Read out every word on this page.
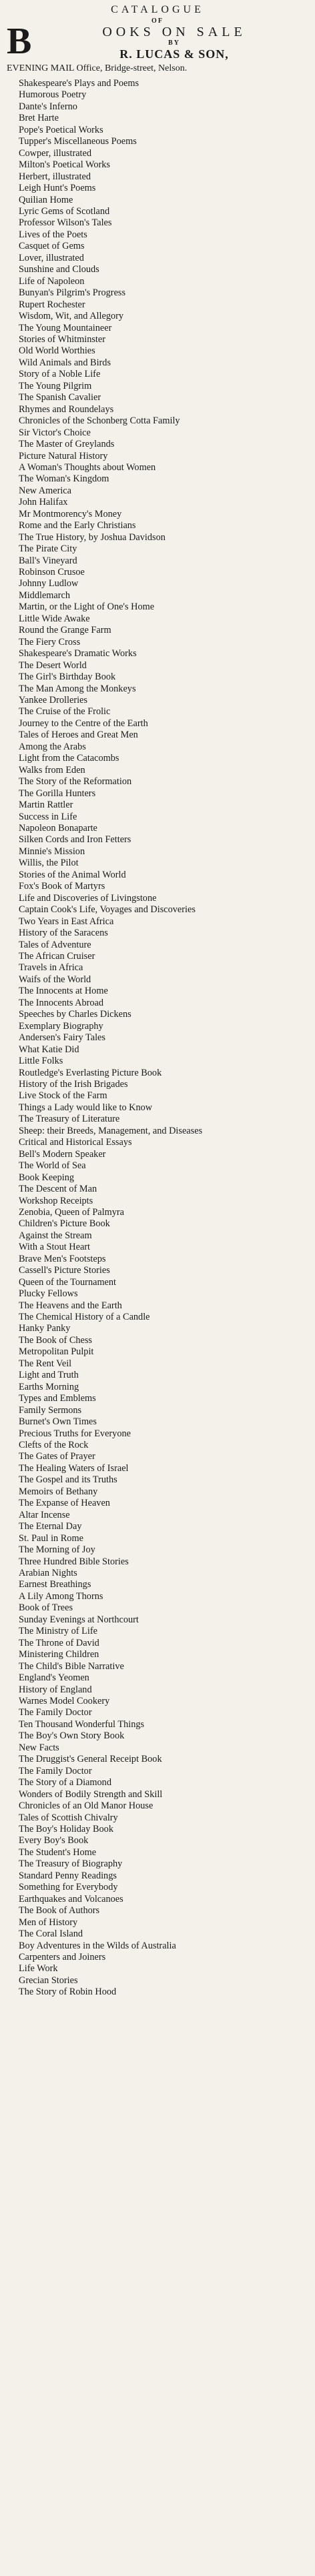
CATALOGUE
OF
B	OOKS ON SALE
BY
R. LUCAS & SON,
EVENING MAIL Office, Bridge-street, Nelson.
Shakespeare's Plays and Poems
Humorous Poetry
Dante's Inferno
Bret Harte
Pope's Poetical Works
Tupper's Miscellaneous Poems
Cowper, illustrated
Milton's Poetical Works
Herbert, illustrated
Leigh Hunt's Poems
Quilian Home
Lyric Gems of Scotland
Professor Wilson's Tales
Lives of the Poets
Casquet of Gems
Lover, illustrated
Sunshine and Clouds
Life of Napoleon
Bunyan's Pilgrim's Progress
Rupert Rochester
Wisdom, Wit, and Allegory
The Young Mountaineer
Stories of Whitminster
Old World Worthies
Wild Animals and Birds
Story of a Noble Life
The Young Pilgrim
The Spanish Cavalier
Rhymes and Roundelays
Chronicles of the Schonberg Cotta Family
Sir Victor's Choice
The Master of Greylands
Picture Natural History
A Woman's Thoughts about Women
The Woman's Kingdom
New America
John Halifax
Mr Montmorency's Money
Rome and the Early Christians
The True History, by Joshua Davidson
The Pirate City
Ball's Vineyard
Robinson Crusoe
Johnny Ludlow
Middlemarch
Martin, or the Light of One's Home
Little Wide Awake
Round the Grange Farm
The Fiery Cross
Shakespeare's Dramatic Works
The Desert World
The Girl's Birthday Book
The Man Among the Monkeys
Yankee Drolleries
The Cruise of the Frolic
Journey to the Centre of the Earth
Tales of Heroes and Great Men
Among the Arabs
Light from the Catacombs
Walks from Eden
The Story of the Reformation
The Gorilla Hunters
Martin Rattler
Success in Life
Napoleon Bonaparte
Silken Cords and Iron Fetters
Minnie's Mission
Willis, the Pilot
Stories of the Animal World
Fox's Book of Martyrs
Life and Discoveries of Livingstone
Captain Cook's Life, Voyages and Discoveries
Two Years in East Africa
History of the Saracens
Tales of Adventure
The African Cruiser
Travels in Africa
Waifs of the World
The Innocents at Home
The Innocents Abroad
Speeches by Charles Dickens
Exemplary Biography
Andersen's Fairy Tales
What Katie Did
Little Folks
Routledge's Everlasting Picture Book
History of the Irish Brigades
Live Stock of the Farm
Things a Lady would like to Know
The Treasury of Literature
Sheep: their Breeds, Management, and Diseases
Critical and Historical Essays
Bell's Modern Speaker
The World of Sea
Book Keeping
The Descent of Man
Workshop Receipts
Zenobia, Queen of Palmyra
Children's Picture Book
Against the Stream
With a Stout Heart
Brave Men's Footsteps
Cassell's Picture Stories
Queen of the Tournament
Plucky Fellows
The Heavens and the Earth
The Chemical History of a Candle
Hanky Panky
The Book of Chess
Metropolitan Pulpit
The Rent Veil
Light and Truth
Earths Morning
Types and Emblems
Family Sermons
Burnet's Own Times
Precious Truths for Everyone
Clefts of the Rock
The Gates of Prayer
The Healing Waters of Israel
The Gospel and its Truths
Memoirs of Bethany
The Expanse of Heaven
Altar Incense
The Eternal Day
St. Paul in Rome
The Morning of Joy
Three Hundred Bible Stories
Arabian Nights
Earnest Breathings
A Lily Among Thorns
Book of Trees
Sunday Evenings at Northcourt
The Ministry of Life
The Throne of David
Ministering Children
The Child's Bible Narrative
England's Yeomen
History of England
Warnes Model Cookery
The Family Doctor
Ten Thousand Wonderful Things
The Boy's Own Story Book
New Facts
The Druggist's General Receipt Book
The Family Doctor
The Story of a Diamond
Wonders of Bodily Strength and Skill
Chronicles of an Old Manor House
Tales of Scottish Chivalry
The Boy's Holiday Book
Every Boy's Book
The Student's Home
The Treasury of Biography
Standard Penny Readings
Something for Everybody
Earthquakes and Volcanoes
The Book of Authors
Men of History
The Coral Island
Boy Adventures in the Wilds of Australia
Carpenters and Joiners
Life Work
Grecian Stories
The Story of Robin Hood
